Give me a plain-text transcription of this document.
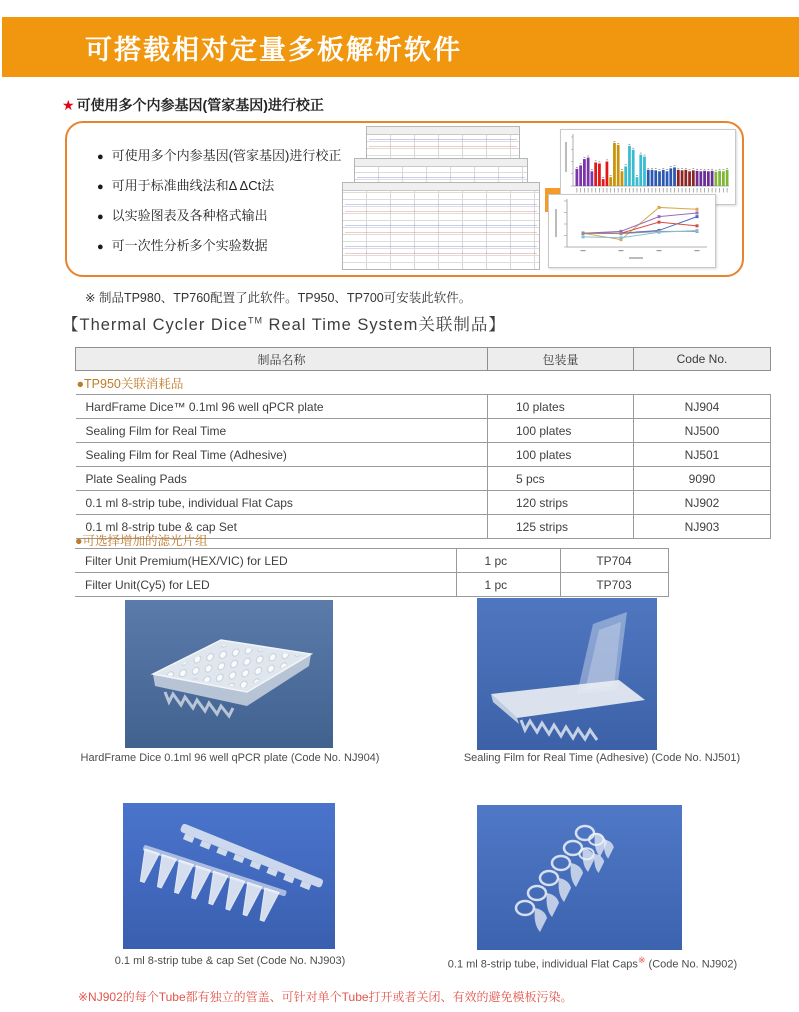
可搭载相对定量多板解析软件
★ 可使用多个内参基因(管家基因)进行校正
● 可使用多个内参基因(管家基因)进行校正
● 可用于标准曲线法和Δ ΔCt法
● 以实验图表及各种格式输出
● 可一次性分析多个实验数据
※ 制品TP980、TP760配置了此软件。TP950、TP700可安装此软件。
【Thermal Cycler Dice™ Real Time System关联制品】
制品名称	包装量	Code No.
●TP950关联消耗品		
HardFrame Dice™ 0.1ml 96 well qPCR plate	10 plates	NJ904
Sealing Film for Real Time	100 plates	NJ500
Sealing Film for Real Time (Adhesive)	100 plates	NJ501
Plate Sealing Pads	5 pcs	9090
0.1 ml 8-strip tube, individual Flat Caps	120 strips	NJ902
0.1 ml 8-strip tube & cap Set	125 strips	NJ903
●可选择增加的滤光片组
Filter Unit Premium(HEX/VIC) for LED	1 pc	TP704
Filter Unit(Cy5) for LED	1 pc	TP703
HardFrame Dice 0.1ml 96 well qPCR plate (Code No. NJ904)	Sealing Film for Real Time (Adhesive) (Code No. NJ501)
0.1 ml 8-strip tube & cap Set (Code No. NJ903)	0.1 ml 8-strip tube, individual Flat Caps※ (Code No. NJ902)
※NJ902的每个Tube都有独立的管盖、可针对单个Tube打开或者关闭、有效的避免模板污染。
